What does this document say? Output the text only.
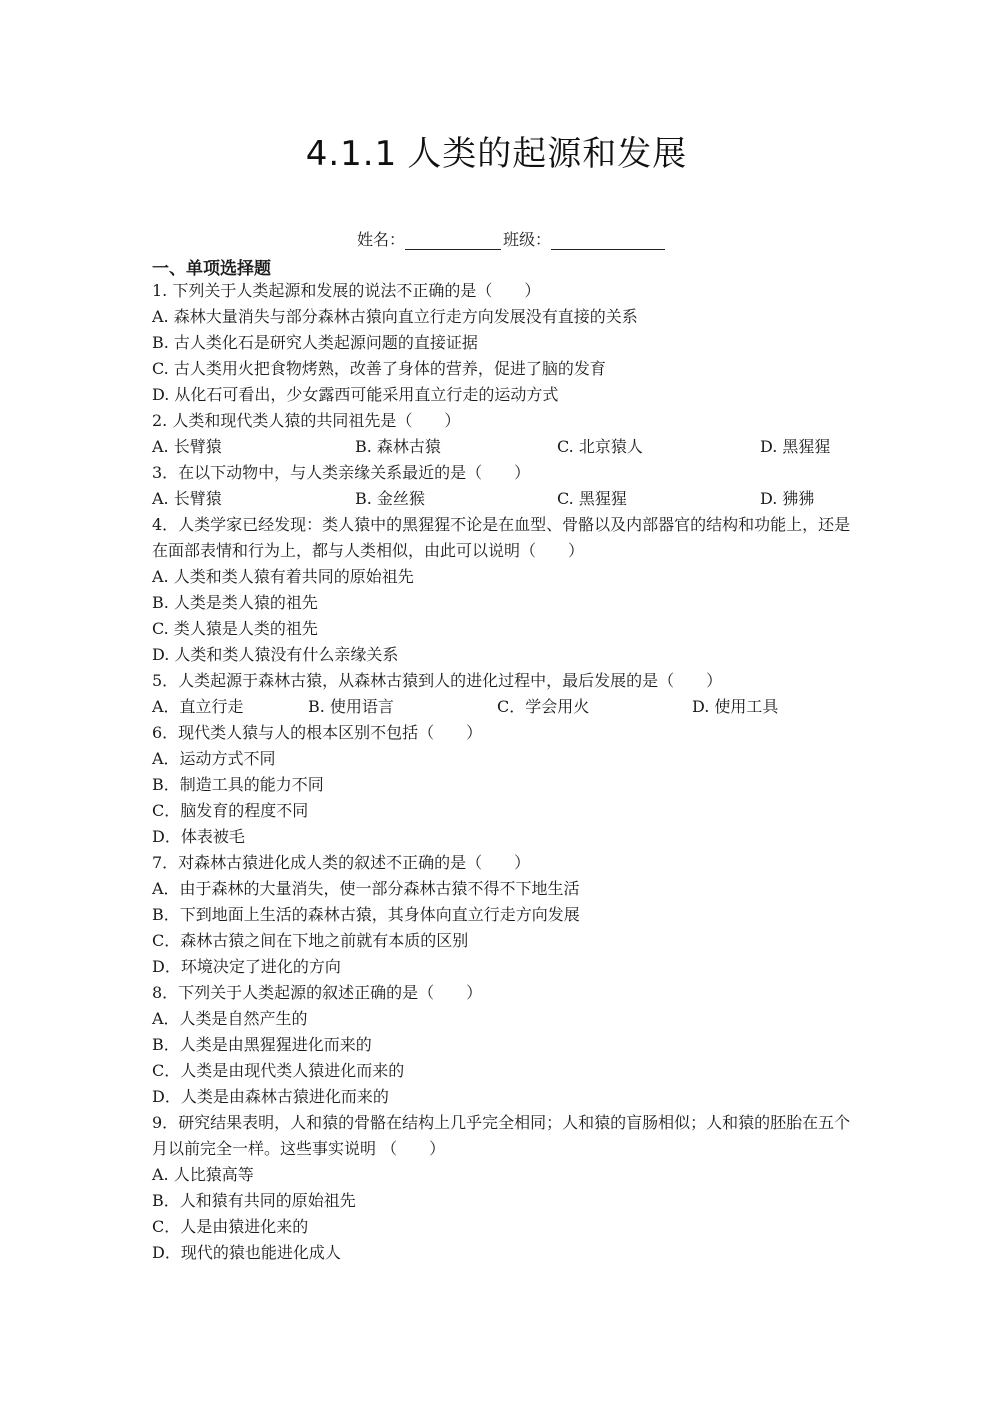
4.1.1 人类的起源和发展
姓名：	班级：
一、单项选择题
1. 下列关于人类起源和发展的说法不正确的是（　　）
A. 森林大量消失与部分森林古猿向直立行走方向发展没有直接的关系
B. 古人类化石是研究人类起源问题的直接证据
C. 古人类用火把食物烤熟，改善了身体的营养，促进了脑的发育
D. 从化石可看出，少女露西可能采用直立行走的运动方式
2. 人类和现代类人猿的共同祖先是（　　）
A. 长臂猿	B. 森林古猿	C. 北京猿人	D. 黑猩猩
3．在以下动物中，与人类亲缘关系最近的是（　　）
A. 长臂猿	B. 金丝猴	C. 黑猩猩	D. 狒狒
4．人类学家已经发现：类人猿中的黑猩猩不论是在血型、骨骼以及内部器官的结构和功能上，还是在面部表情和行为上，都与人类相似，由此可以说明（　　）
A. 人类和类人猿有着共同的原始祖先
B. 人类是类人猿的祖先
C. 类人猿是人类的祖先
D. 人类和类人猿没有什么亲缘关系
5．人类起源于森林古猿，从森林古猿到人的进化过程中，最后发展的是（　　）
A．直立行走	B. 使用语言	C．学会用火	D. 使用工具
6．现代类人猿与人的根本区别不包括（　　）
A．运动方式不同
B．制造工具的能力不同
C．脑发育的程度不同
D．体表被毛
7．对森林古猿进化成人类的叙述不正确的是（　　）
A．由于森林的大量消失，使一部分森林古猿不得不下地生活
B．下到地面上生活的森林古猿，其身体向直立行走方向发展
C．森林古猿之间在下地之前就有本质的区别
D．环境决定了进化的方向
8．下列关于人类起源的叙述正确的是（　　）
A．人类是自然产生的
B．人类是由黑猩猩进化而来的
C．人类是由现代类人猿进化而来的
D．人类是由森林古猿进化而来的
9．研究结果表明，人和猿的骨骼在结构上几乎完全相同；人和猿的盲肠相似；人和猿的胚胎在五个月以前完全一样。这些事实说明 （　　）
A. 人比猿高等
B．人和猿有共同的原始祖先
C．人是由猿进化来的
D．现代的猿也能进化成人
